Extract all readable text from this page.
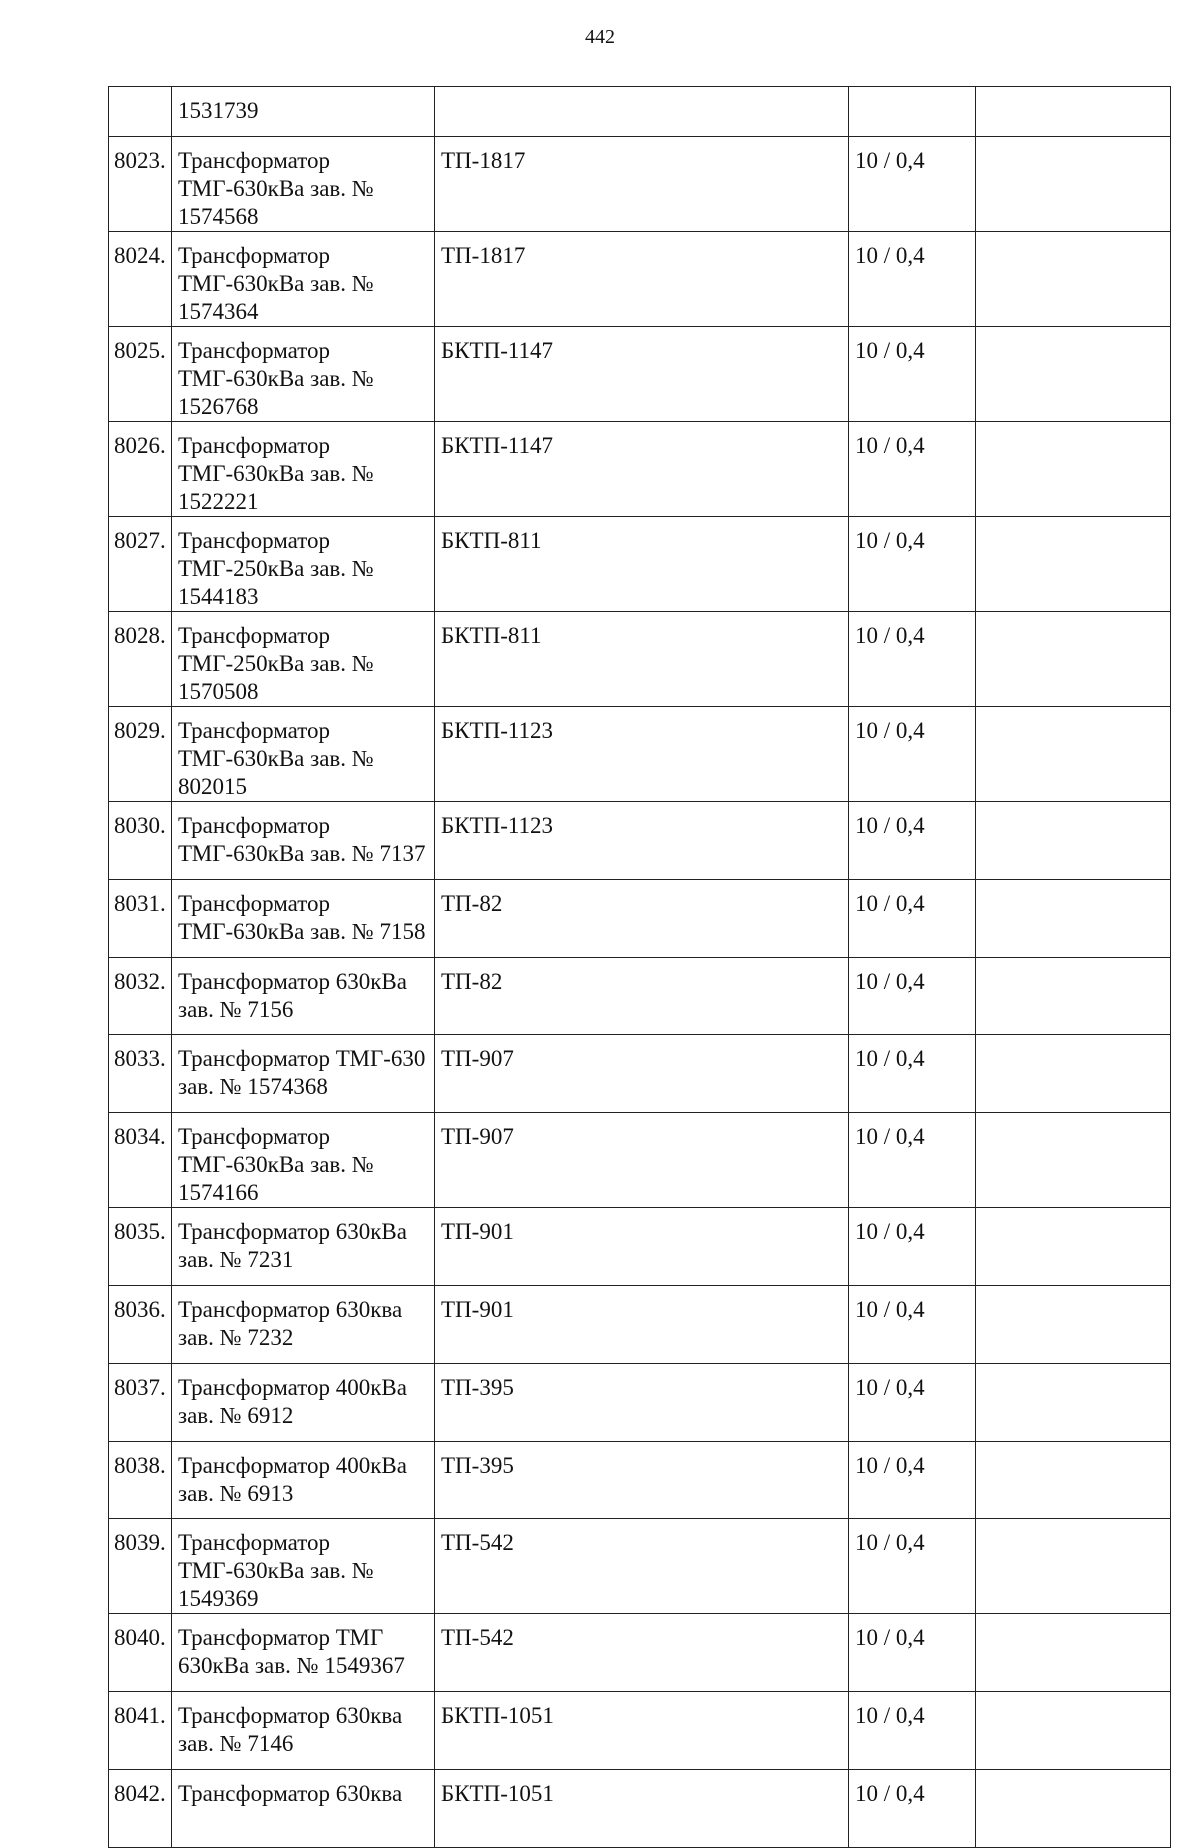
442
	1531739			
8023.	Трансформатор ТМГ-630кВа зав. № 1574568	ТП-1817	10 / 0,4	
8024.	Трансформатор ТМГ-630кВа зав. № 1574364	ТП-1817	10 / 0,4	
8025.	Трансформатор ТМГ-630кВа зав. № 1526768	БКТП-1147	10 / 0,4	
8026.	Трансформатор ТМГ-630кВа зав. № 1522221	БКТП-1147	10 / 0,4	
8027.	Трансформатор ТМГ-250кВа зав. № 1544183	БКТП-811	10 / 0,4	
8028.	Трансформатор ТМГ-250кВа зав. № 1570508	БКТП-811	10 / 0,4	
8029.	Трансформатор ТМГ-630кВа зав. № 802015	БКТП-1123	10 / 0,4	
8030.	Трансформатор ТМГ-630кВа зав. № 7137	БКТП-1123	10 / 0,4	
8031.	Трансформатор ТМГ-630кВа зав. № 7158	ТП-82	10 / 0,4	
8032.	Трансформатор 630кВа зав. № 7156	ТП-82	10 / 0,4	
8033.	Трансформатор ТМГ-630 зав. № 1574368	ТП-907	10 / 0,4	
8034.	Трансформатор ТМГ-630кВа зав. № 1574166	ТП-907	10 / 0,4	
8035.	Трансформатор 630кВа зав. № 7231	ТП-901	10 / 0,4	
8036.	Трансформатор 630ква зав. № 7232	ТП-901	10 / 0,4	
8037.	Трансформатор 400кВа зав. № 6912	ТП-395	10 / 0,4	
8038.	Трансформатор 400кВа зав. № 6913	ТП-395	10 / 0,4	
8039.	Трансформатор ТМГ-630кВа зав. № 1549369	ТП-542	10 / 0,4	
8040.	Трансформатор ТМГ 630кВа зав. № 1549367	ТП-542	10 / 0,4	
8041.	Трансформатор 630ква зав. № 7146	БКТП-1051	10 / 0,4	
8042.	Трансформатор 630ква	БКТП-1051	10 / 0,4	
